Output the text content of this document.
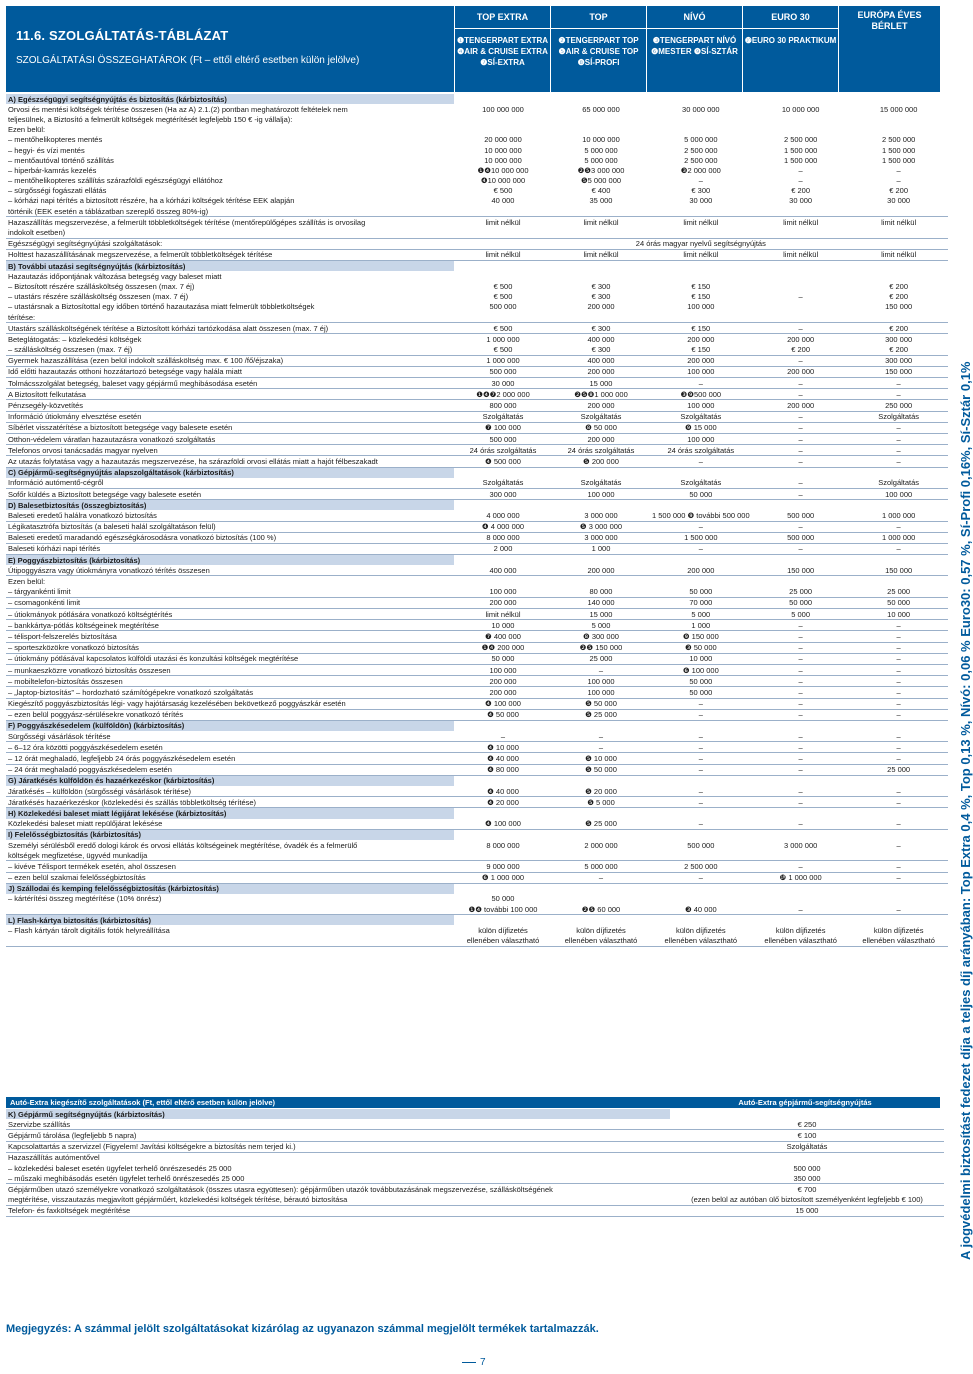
11.6. SZOLGÁLTATÁS-TÁBLÁZAT
SZOLGÁLTATÁSI ÖSSZEGHATÁROK (Ft – ettől eltérő esetben külön jelölve)
TOP EXTRA
❶TENGERPART EXTRA ❹AIR & CRUISE EXTRA ❼SÍ-EXTRA
TOP
❷TENGERPART TOP ❺AIR & CRUISE TOP ❽SÍ-PROFI
NÍVÓ
❸TENGERPART NÍVÓ ❻MESTER ❾SÍ-SZTÁR
EURO 30
❿EURO 30 PRAKTIKUM
EURÓPA ÉVES BÉRLET
A) Egészségügyi segítségnyújtás és biztosítás (kárbiztosítás)					
Orvosi és mentési költségek térítése összesen (Ha az A) 2.1.(2) pontban meghatározott feltételek nem	100 000 000	65 000 000	30 000 000	10 000 000	15 000 000
teljesülnek, a Biztosító a felmerült költségek megtérítését legfeljebb 150 € -ig vállalja):					
Ezen belül:					
– mentőhelikopteres mentés	20 000 000	10 000 000	5 000 000	2 500 000	2 500 000
– hegyi- és vízi mentés	10 000 000	5 000 000	2 500 000	1 500 000	1 500 000
– mentőautóval történő szállítás	10 000 000	5 000 000	2 500 000	1 500 000	1 500 000
– hiperbár-kamrás kezelés	❶❹10 000 000	❷❺3 000 000	❸2 000 000	–	–
– mentőhelikopteres szállítás szárazföldi egészségügyi ellátóhoz	❹10 000 000	❺5 000 000	–	–	–
– sürgősségi fogászati ellátás	€ 500	€ 400	€ 300	€ 200	€ 200
– kórházi napi térítés a biztosított részére, ha a kórházi költségek térítése EEK alapján	40 000	35 000	30 000	30 000	30 000
történik (EEK esetén a táblázatban szereplő összeg 80%-ig)					
Hazaszállítás megszervezése, a felmerült többletköltségek térítése (mentőrepülőgépes szállítás is orvosilag	limit nélkül	limit nélkül	limit nélkül	limit nélkül	limit nélkül
indokolt esetben)					
Egészségügyi segítségnyújtási szolgáltatások:	24 órás magyar nyelvű segítségnyújtás				
Holttest hazaszállításának megszervezése, a felmerült többletköltségek térítése	limit nélkül	limit nélkül	limit nélkül	limit nélkül	limit nélkül
B) További utazási segítségnyújtás (kárbiztosítás)					
Hazautazás időpontjának változása betegség vagy baleset miatt					
– Biztosított részére szállásköltség összesen (max. 7 éj)	€ 500	€ 300	€ 150		€ 200
– utastárs részére szállásköltség összesen (max. 7 éj)	€ 500	€ 300	€ 150	–	€ 200
– utastársnak a Biztosítottal egy időben történő hazautazása miatt felmerült többletköltségek	500 000	200 000	100 000		150 000
térítése:					
Utastárs szállásköltségének térítése a Biztosított kórházi tartózkodása alatt összesen (max. 7 éj)	€ 500	€ 300	€ 150	–	€ 200
Beteglátogatás: – közlekedési költségek	1 000 000	400 000	200 000	200 000	300 000
– szállásköltség összesen (max. 7 éj)	€ 500	€ 300	€ 150	€ 200	€ 200
Gyermek hazaszállítása (ezen belül indokolt szállásköltség max. € 100 /fő/éjszaka)	1 000 000	400 000	200 000	–	300 000
Idő előtti hazautazás otthoni hozzátartozó betegsége vagy halála miatt	500 000	200 000	100 000	200 000	150 000
Tolmácsszolgálat betegség, baleset vagy gépjármű meghibásodása esetén	30 000	15 000	–	–	–
A Biztosított felkutatása	❶❹❼2 000 000	❷❺❽1 000 000	❸❾500 000	–	–
Pénzsegély-közvetítés	800 000	200 000	100 000	200 000	250 000
Információ útiokmány elvesztése esetén	Szolgáltatás	Szolgáltatás	Szolgáltatás	–	Szolgáltatás
Síbérlet visszatérítése a biztosított betegsége vagy balesete esetén	❼ 100 000	❽ 50 000	❾ 15 000	–	–
Otthon-védelem váratlan hazautazásra vonatkozó szolgáltatás	500 000	200 000	100 000	–	–
Telefonos orvosi tanácsadás magyar nyelven	24 órás szolgáltatás	24 órás szolgáltatás	24 órás szolgáltatás	–	–
Az utazás folytatása vagy a hazautazás megszervezése, ha szárazföldi orvosi ellátás miatt a hajót félbeszakadt	❹ 500 000	❺ 200 000	–	–	–
C) Gépjármű-segítségnyújtás alapszolgáltatások (kárbiztosítás)					
Információ autómentő-cégről	Szolgáltatás	Szolgáltatás	Szolgáltatás	–	Szolgáltatás
Sofőr küldés a Biztosított betegsége vagy balesete esetén	300 000	100 000	50 000	–	100 000
D) Balesetbiztosítás (összegbiztosítás)					
Baleseti eredetű halálra vonatkozó biztosítás	4 000 000	3 000 000	1 500 000 ❾ további 500 000	500 000	1 000 000
Légikatasztrófa biztosítás (a baleseti halál szolgáltatáson felül)	❹ 4 000 000	❺ 3 000 000	–	–	–
Baleseti eredetű maradandó egészségkárosodásra vonatkozó biztosítás (100 %)	8 000 000	3 000 000	1 500 000	500 000	1 000 000
Baleseti kórházi napi térítés	2 000	1 000	–	–	–
E) Poggyászbiztosítás (kárbiztosítás)					
Útipoggyászra vagy útiokmányra vonatkozó térítés összesen	400 000	200 000	200 000	150 000	150 000
Ezen belül:					
– tárgyankénti limit	100 000	80 000	50 000	25 000	25 000
– csomagonkénti limit	200 000	140 000	70 000	50 000	50 000
– útiokmányok pótlására vonatkozó költségtérítés	limit nélkül	15 000	5 000	5 000	10 000
– bankkártya-pótlás költségeinek megtérítése	10 000	5 000	1 000	–	–
– télisport-felszerelés biztosítása	❼ 400 000	❽ 300 000	❾ 150 000	–	–
– sporteszközökre vonatkozó biztosítás	❶❹ 200 000	❷❺ 150 000	❸ 50 000	–	–
– útiokmány pótlásával kapcsolatos külföldi utazási és konzultási költségek megtérítése	50 000	25 000	10 000	–	–
– munkaeszközre vonatkozó biztosítás összesen	100 000	–	❻ 100 000	–	–
– mobiltelefon-biztosítás összesen	200 000	100 000	50 000	–	–
– „laptop-biztosítás” – hordozható számítógépekre vonatkozó szolgáltatás	200 000	100 000	50 000	–	–
Kiegészítő poggyászbiztosítás légi- vagy hajótársaság kezelésében bekövetkező poggyászkár esetén	❹ 100 000	❺ 50 000	–	–	–
– ezen belül poggyász-sérülésekre vonatkozó térítés	❹ 50 000	❺ 25 000	–	–	–
F) Poggyászkésedelem (külföldön) (kárbiztosítás)					
Sürgősségi vásárlások térítése	–	–	–	–	–
– 6–12 óra közötti poggyászkésedelem esetén	❹ 10 000	–	–	–	–
– 12 órát meghaladó, legfeljebb 24 órás poggyászkésedelem esetén	❹ 40 000	❺ 10 000	–	–	–
– 24 órát meghaladó poggyászkésedelem esetén	❹ 80 000	❺ 50 000	–	–	25 000
G) Járatkésés külföldön és hazaérkezéskor (kárbiztosítás)					
Járatkésés – külföldön (sürgősségi vásárlások térítése)	❹ 40 000	❺ 20 000	–	–	–
Járatkésés hazaérkezéskor (közlekedési és szállás többletköltség térítése)	❹ 20 000	❺ 5 000	–	–	–
H) Közlekedési baleset miatt légijárat lekésése (kárbiztosítás)					
Közlekedési baleset miatt repülőjárat lekésése	❹ 100 000	❺ 25 000	–	–	–
I) Felelősségbiztosítás (kárbiztosítás)					
Személyi sérülésből eredő dologi károk és orvosi ellátás költségeinek megtérítése, óvadék és a felmerülő	8 000 000	2 000 000	500 000	3 000 000	–
költségek megfizetése, ügyvéd munkadíja					
– kivéve Télisport termékek esetén, ahol összesen	9 000 000	5 000 000	2 500 000	–	–
– ezen belül szakmai felelősségbiztosítás	❻ 1 000 000	–	–	❿ 1 000 000	–
J) Szállodai és kemping felelősségbiztosítás (kárbiztosítás)					
– kártérítési összeg megtérítése (10% önrész)	50 000				
	❶❹ további 100 000	❷❺ 60 000	❸ 40 000	–	–
L) Flash-kártya biztosítás (kárbiztosítás)					
– Flash kártyán tárolt digitális fotók helyreállítása	külön díjfizetés	külön díjfizetés	külön díjfizetés	külön díjfizetés	külön díjfizetés
	ellenében választható	ellenében választható	ellenében választható	ellenében választható	ellenében választható
Autó-Extra kiegészítő szolgáltatások (Ft, ettől eltérő esetben külön jelölve)	Autó-Extra gépjármű-segítségnyújtás
K) Gépjármű segítségnyújtás (kárbiztosítás)	
Szervizbe szállítás	€ 250
Gépjármű tárolása (legfeljebb 5 napra)	€ 100
Kapcsolattartás a szervizzel (Figyelem! Javítási költségekre a biztosítás nem terjed ki.)	Szolgáltatás
Hazaszállítás autómentővel	
– közlekedési baleset esetén ügyfelet terhelő önrészesedés 25 000	500 000
– műszaki meghibásodás esetén ügyfelet terhelő önrészesedés 25 000	350 000
Gépjárműben utazó személyekre vonatkozó szolgáltatások (összes utasra együttesen): gépjárműben utazók továbbutazásának megszervezése, szállásköltségének	€ 700
megtérítése, visszautazás megjavított gépjárműért, közlekedési költségek térítése, bérautó biztosítása	(ezen belül az autóban ülő biztosított személyenként legfeljebb € 100)
Telefon- és faxköltségek megtérítése	15 000	A jogvédelmi biztosítást fedezet díja a teljes díj arányában: Top Extra 0,4 %, Top 0,13 %, Nívó: 0,06 % Euro30: 0,57 %, Sí-Profi 0,16%, Sí-Sztár 0,1%
Megjegyzés: A számmal jelölt szolgáltatásokat kizárólag az ugyanazon számmal megjelölt termékek tartalmazzák.
7
